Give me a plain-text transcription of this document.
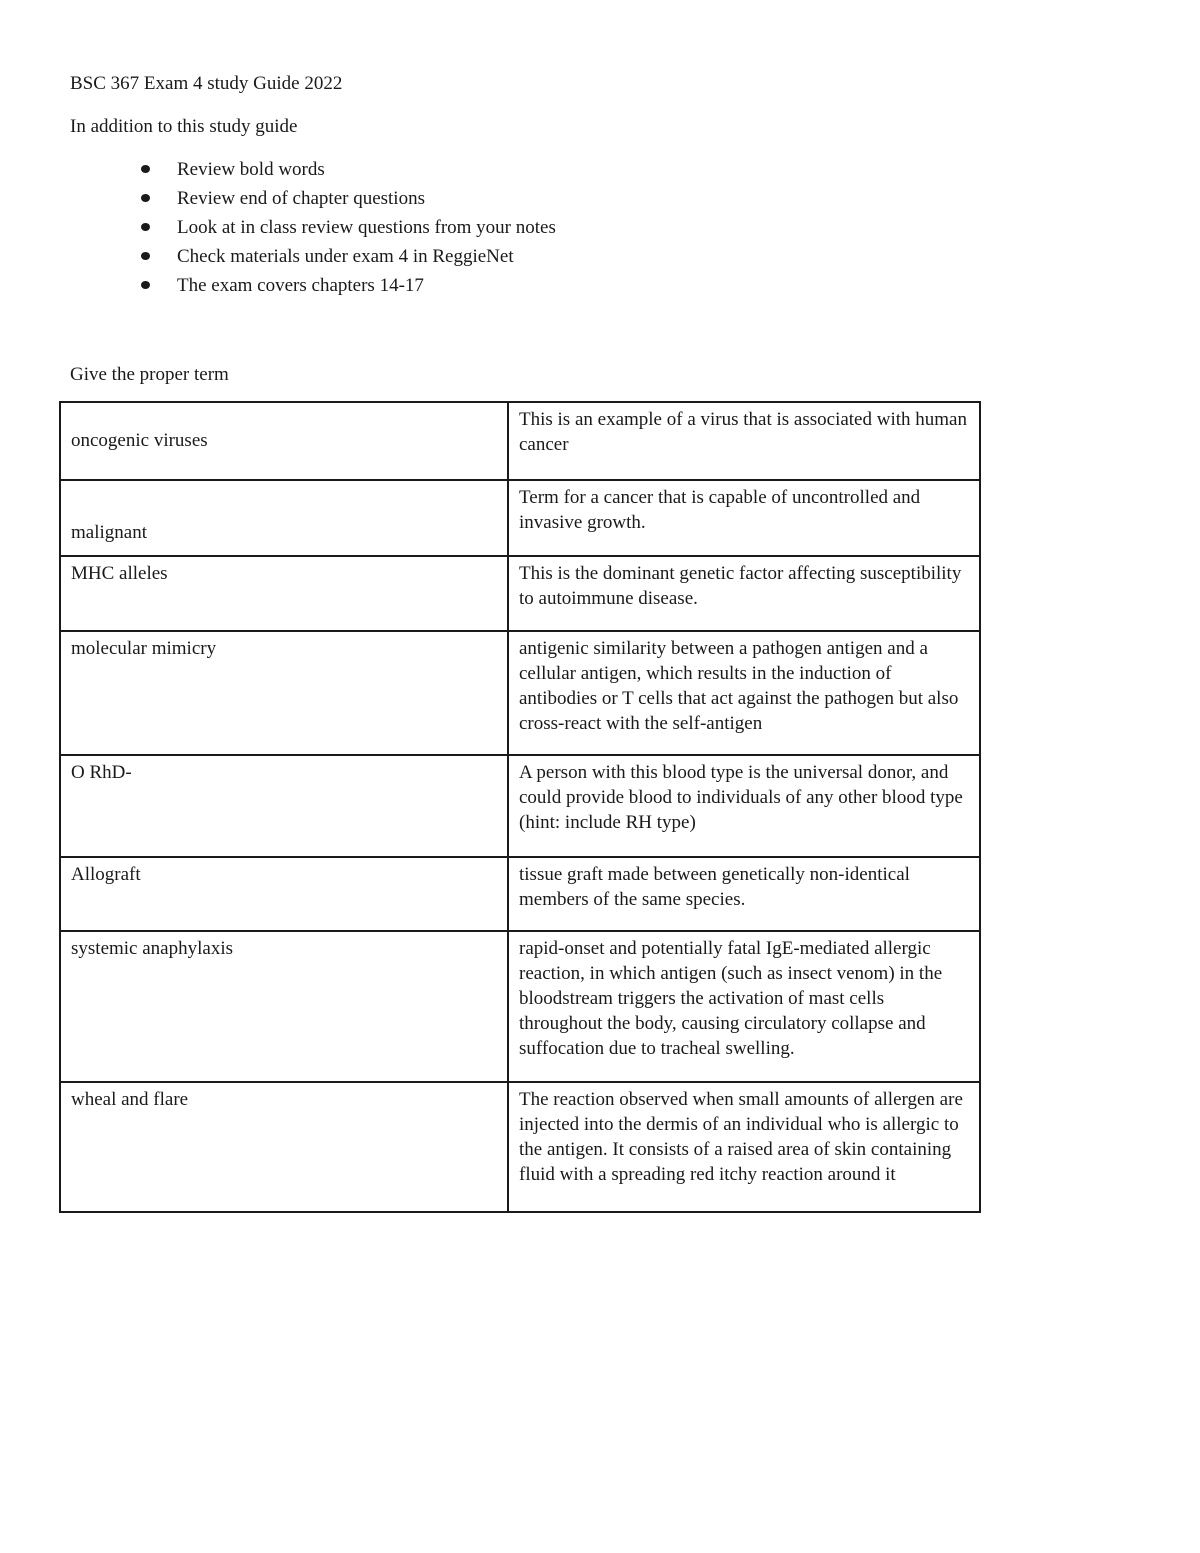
BSC 367 Exam 4 study Guide 2022

In addition to this study guide

Review bold words
Review end of chapter questions
Look at in class review questions from your notes
Check materials under exam 4 in ReggieNet
The exam covers chapters 14-17

Give the proper term

oncogenic viruses	This is an example of a virus that is associated with human cancer
malignant	Term for a cancer that is capable of uncontrolled and invasive growth.
MHC alleles	This is the dominant genetic factor affecting susceptibility to autoimmune disease.
molecular mimicry	antigenic similarity between a pathogen antigen and a cellular antigen, which results in the induction of antibodies or T cells that act against the pathogen but also cross-react with the self-antigen
O RhD-	A person with this blood type is the universal donor, and could provide blood to individuals of any other blood type (hint: include RH type)
Allograft	tissue graft made between genetically non-identical members of the same species.
systemic anaphylaxis	rapid-onset and potentially fatal IgE-mediated allergic reaction, in which antigen (such as insect venom) in the bloodstream triggers the activation of mast cells throughout the body, causing circulatory collapse and suffocation due to tracheal swelling.
wheal and flare	The reaction observed when small amounts of allergen are injected into the dermis of an individual who is allergic to the antigen. It consists of a raised area of skin containing fluid with a spreading red itchy reaction around it
